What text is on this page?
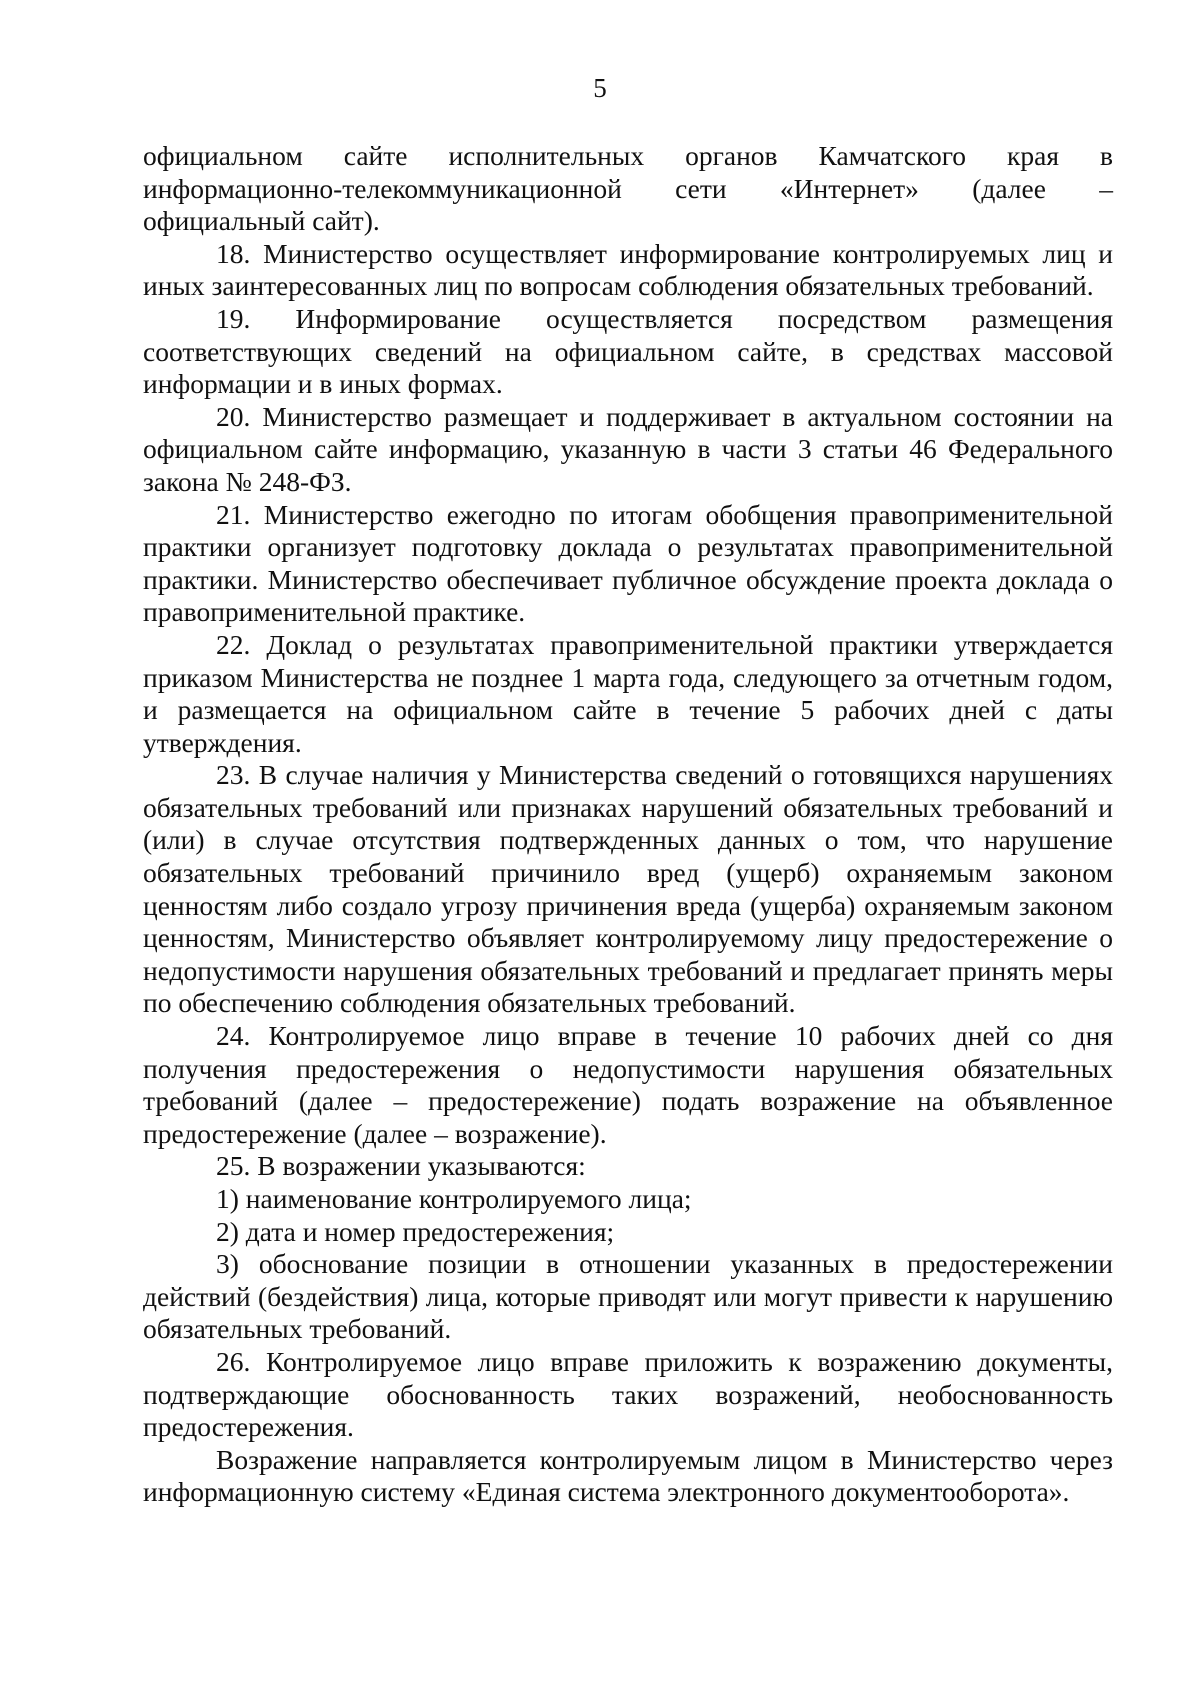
5

официальном сайте исполнительных органов Камчатского края в
информационно-телекоммуникационной сети «Интернет» (далее –
официальный сайт).

18. Министерство осуществляет информирование контролируемых лиц и иных заинтересованных лиц по вопросам соблюдения обязательных требований.

19. Информирование осуществляется посредством размещения соответствующих сведений на официальном сайте, в средствах массовой информации и в иных формах.

20. Министерство размещает и поддерживает в актуальном состоянии на официальном сайте информацию, указанную в части 3 статьи 46 Федерального закона № 248-ФЗ.

21. Министерство ежегодно по итогам обобщения правоприменительной практики организует подготовку доклада о результатах правоприменительной практики. Министерство обеспечивает публичное обсуждение проекта доклада о правоприменительной практике.

22. Доклад о результатах правоприменительной практики утверждается приказом Министерства не позднее 1 марта года, следующего за отчетным годом, и размещается на официальном сайте в течение 5 рабочих дней с даты утверждения.

23. В случае наличия у Министерства сведений о готовящихся нарушениях обязательных требований или признаках нарушений обязательных требований и (или) в случае отсутствия подтвержденных данных о том, что нарушение обязательных требований причинило вред (ущерб) охраняемым законом ценностям либо создало угрозу причинения вреда (ущерба) охраняемым законом ценностям, Министерство объявляет контролируемому лицу предостережение о недопустимости нарушения обязательных требований и предлагает принять меры по обеспечению соблюдения обязательных требований.

24. Контролируемое лицо вправе в течение 10 рабочих дней со дня получения предостережения о недопустимости нарушения обязательных требований (далее – предостережение) подать возражение на объявленное предостережение (далее – возражение).

25. В возражении указываются:

1) наименование контролируемого лица;

2) дата и номер предостережения;

3) обоснование позиции в отношении указанных в предостережении действий (бездействия) лица, которые приводят или могут привести к нарушению обязательных требований.

26. Контролируемое лицо вправе приложить к возражению документы, подтверждающие обоснованность таких возражений, необоснованность предостережения.

Возражение направляется контролируемым лицом в Министерство через информационную систему «Единая система электронного документооборота».
